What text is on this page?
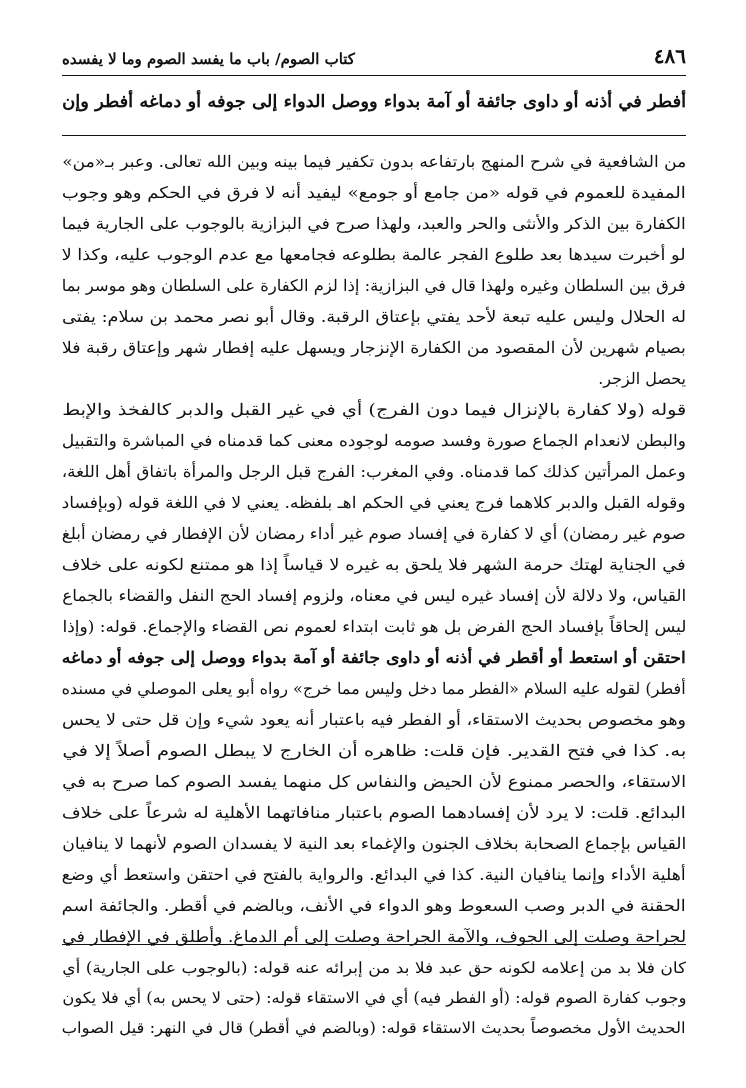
كتاب الصوم/ باب ما يفسد الصوم وما لا يفسده	٤٨٦
أفطر في أذنه أو داوى جائفة أو آمة بدواء ووصل الدواء إلى جوفه أو دماغه أفطر وإن
من الشافعية في شرح المنهج بارتفاعه بدون تكفير فيما بينه وبين الله تعالى. وعبر بـ«من»
المفيدة للعموم في قوله «من جامع أو جومع» ليفيد أنه لا فرق في الحكم وهو وجوب
الكفارة بين الذكر والأنثى والحر والعبد، ولهذا صرح في البزازية بالوجوب على الجارية فيما
لو أخبرت سيدها بعد طلوع الفجر عالمة بطلوعه فجامعها مع عدم الوجوب عليه، وكذا لا
فرق بين السلطان وغيره ولهذا قال في البزازية: إذا لزم الكفارة على السلطان وهو موسر بما
له الحلال وليس عليه تبعة لأحد يفتي بإعتاق الرقبة. وقال أبو نصر محمد بن سلام: يفتى
بصيام شهرين لأن المقصود من الكفارة الإنزجار ويسهل عليه إفطار شهر وإعتاق رقبة فلا
يحصل الزجر.
قوله (ولا كفارة بالإنزال فيما دون الفرج) أي في غير القبل والدبر كالفخذ والإبط
والبطن لانعدام الجماع صورة وفسد صومه لوجوده معنى كما قدمناه في المباشرة والتقبيل
وعمل المرأتين كذلك كما قدمناه. وفي المغرب: الفرج قبل الرجل والمرأة باتفاق أهل اللغة،
وقوله القبل والدبر كلاهما فرج يعني في الحكم اهـ بلفظه. يعني لا في اللغة قوله (وبإفساد
صوم غير رمضان) أي لا كفارة في إفساد صوم غير أداء رمضان لأن الإفطار في رمضان أبلغ
في الجناية لهتك حرمة الشهر فلا يلحق به غيره لا قياساً إذا هو ممتنع لكونه على خلاف
القياس، ولا دلالة لأن إفساد غيره ليس في معناه، ولزوم إفساد الحج النفل والقضاء بالجماع
ليس إلحاقاً بإفساد الحج الفرض بل هو ثابت ابتداء لعموم نص القضاء والإجماع. قوله: (وإذا
احتقن أو استعط أو أقطر في أذنه أو داوى جائفة أو آمة بدواء ووصل إلى جوفه أو دماغه
أفطر) لقوله عليه السلام «الفطر مما دخل وليس مما خرج» رواه أبو يعلى الموصلي في مسنده
وهو مخصوص بحديث الاستقاء، أو الفطر فيه باعتبار أنه يعود شيء وإن قل حتى لا يحس
به. كذا في فتح القدير. فإن قلت: ظاهره أن الخارج لا يبطل الصوم أصلاً إلا في
الاستقاء، والحصر ممنوع لأن الحيض والنفاس كل منهما يفسد الصوم كما صرح به في
البدائع. قلت: لا يرد لأن إفسادهما الصوم باعتبار منافاتهما الأهلية له شرعاً على خلاف
القياس بإجماع الصحابة بخلاف الجنون والإغماء بعد النية لا يفسدان الصوم لأنهما لا ينافيان
أهلية الأداء وإنما ينافيان النية. كذا في البدائع. والرواية بالفتح في احتقن واستعط أي وضع
الحقنة في الدبر وصب السعوط وهو الدواء في الأنف، وبالضم في أقطر. والجائفة اسم
لجراحة وصلت إلى الجوف، والآمة الجراحة وصلت إلى أم الدماغ. وأطلق في الإفطار في
كان فلا بد من إعلامه لكونه حق عبد فلا بد من إبرائه عنه قوله: (بالوجوب على الجارية) أي
وجوب كفارة الصوم قوله: (أو الفطر فيه) أي في الاستقاء قوله: (حتى لا يحس به) أي فلا يكون
الحديث الأول مخصوصاً بحديث الاستقاء قوله: (وبالضم في أقطر) قال في النهر: قيل الصواب
